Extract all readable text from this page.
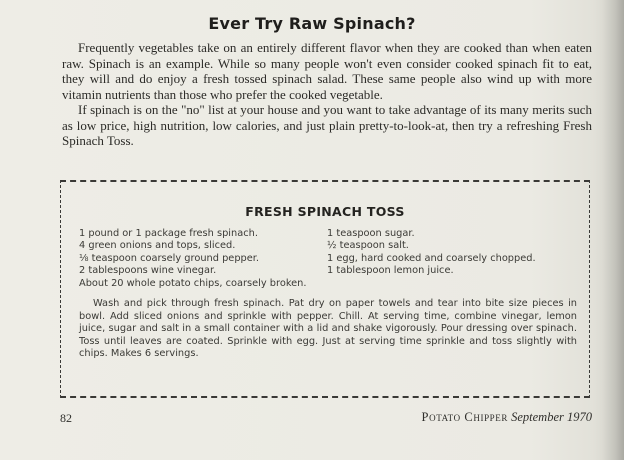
Ever Try Raw Spinach?

Frequently vegetables take on an entirely different flavor when they are cooked than when eaten raw. Spinach is an example. While so many people won't even consider cooked spinach fit to eat, they will and do enjoy a fresh tossed spinach salad. These same people also wind up with more vitamin nutrients than those who prefer the cooked vegetable.

If spinach is on the "no" list at your house and you want to take advantage of its many merits such as low price, high nutrition, low calories, and just plain pretty-to-look-at, then try a refreshing Fresh Spinach Toss.

FRESH SPINACH TOSS
1 pound or 1 package fresh spinach.	1 teaspoon sugar.
4 green onions and tops, sliced.	½ teaspoon salt.
⅛ teaspoon coarsely ground pepper.	1 egg, hard cooked and coarsely chopped.
2 tablespoons wine vinegar.	1 tablespoon lemon juice.
About 20 whole potato chips, coarsely broken.

Wash and pick through fresh spinach. Pat dry on paper towels and tear into bite size pieces in bowl. Add sliced onions and sprinkle with pepper. Chill. At serving time, combine vinegar, lemon juice, sugar and salt in a small container with a lid and shake vigorously. Pour dressing over spinach. Toss until leaves are coated. Sprinkle with egg. Just at serving time sprinkle and toss slightly with chips. Makes 6 servings.

82	Potato Chipper September 1970
